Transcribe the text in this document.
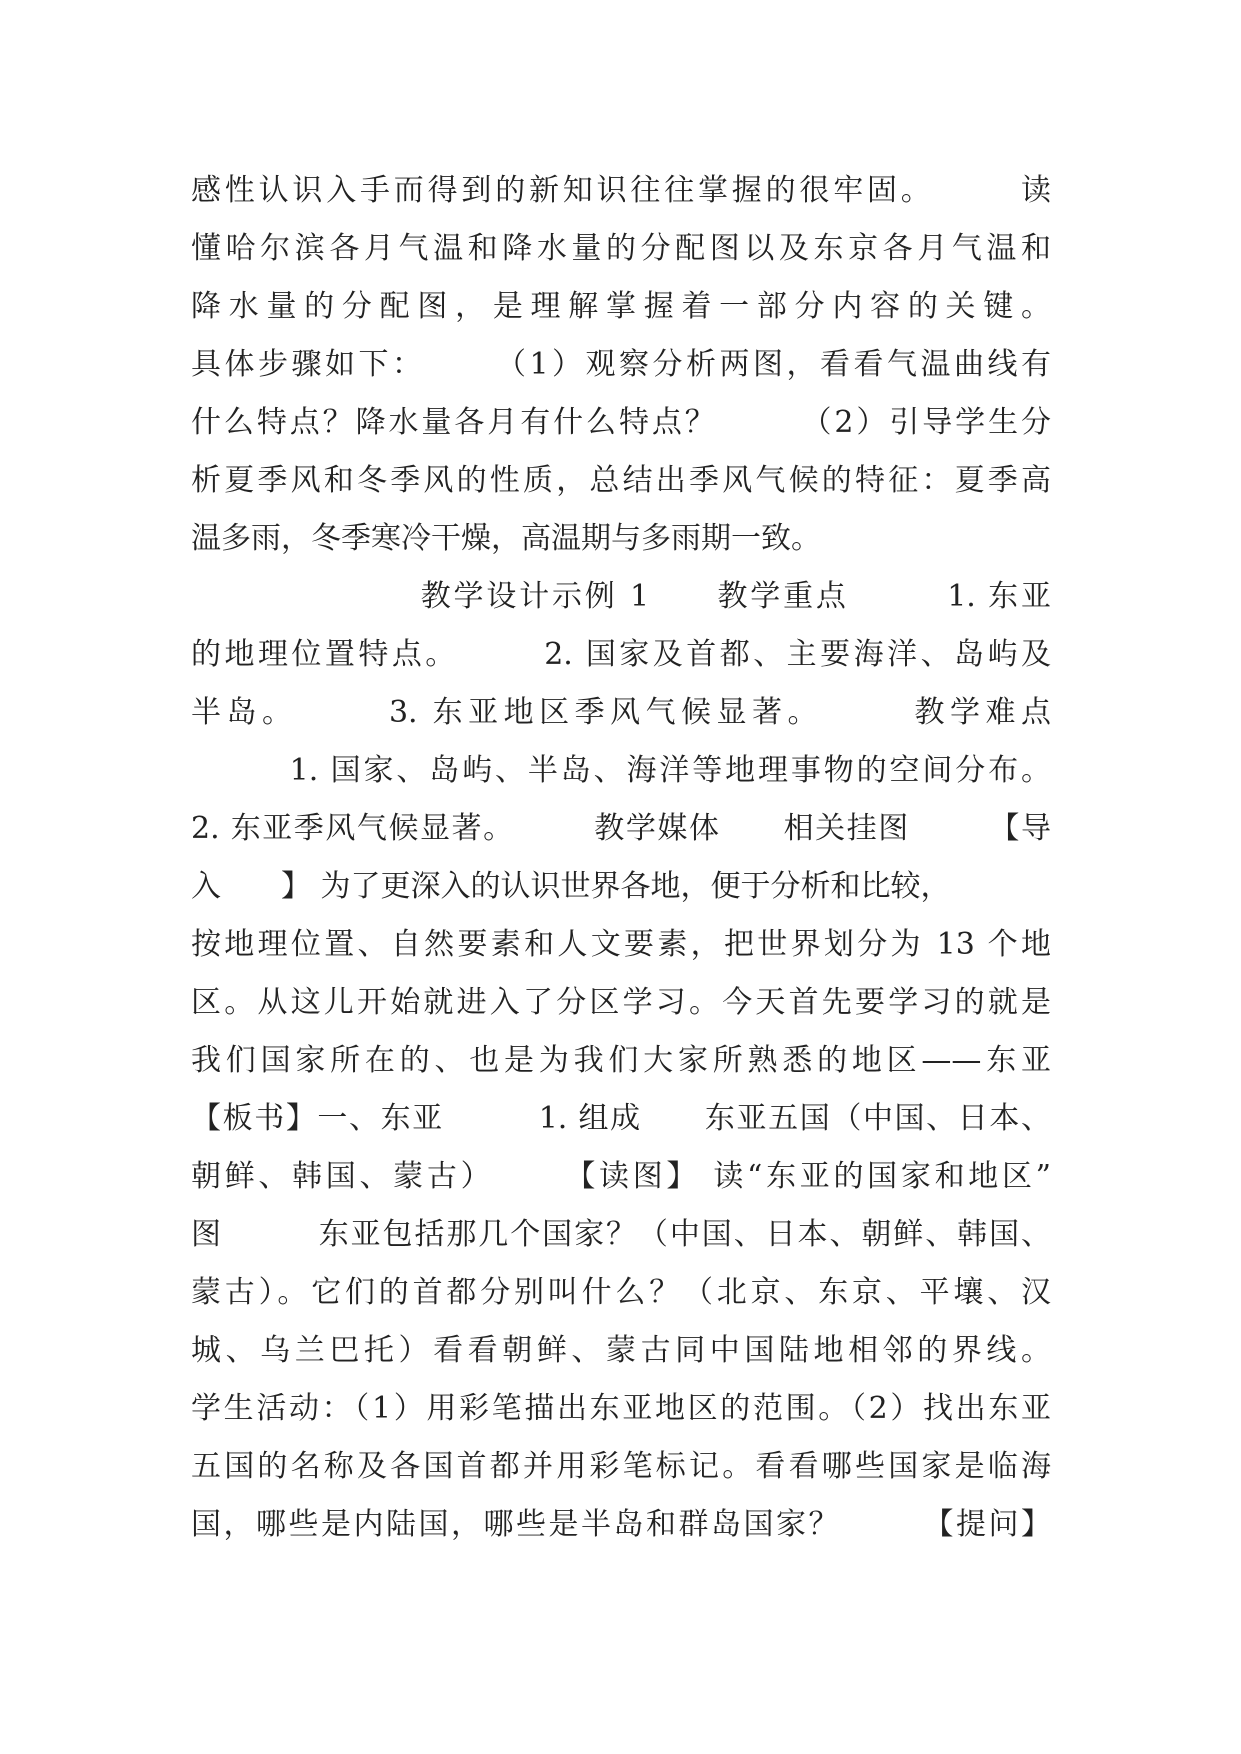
感性认识入手而得到的新知识往往掌握的很牢固。　　　读
懂哈尔滨各月气温和降水量的分配图以及东京各月气温和
降水量的分配图，是理解掌握着一部分内容的关键。
具体步骤如下：　　　（1）观察分析两图，看看气温曲线有
什么特点？降水量各月有什么特点？　　　（2）引导学生分
析夏季风和冬季风的性质，总结出季风气候的特征：夏季高
温多雨，冬季寒冷干燥，高温期与多雨期一致。
　　　　　　　教学设计示例 1　　教学重点　　　1. 东亚
的地理位置特点。　　　2. 国家及首都、主要海洋、岛屿及
半岛。　　　3. 东亚地区季风气候显著。　　　教学难点
　　　1. 国家、岛屿、半岛、海洋等地理事物的空间分布。
2. 东亚季风气候显著。　　　教学媒体　　相关挂图　　　【导
入　　】 为了更深入的认识世界各地，便于分析和比较，
按地理位置、自然要素和人文要素，把世界划分为 13 个地
区。从这儿开始就进入了分区学习。今天首先要学习的就是
我们国家所在的、也是为我们大家所熟悉的地区——东亚
【板书】一、东亚　　　1. 组成　　东亚五国（中国、日本、
朝鲜、韩国、蒙古）　　　【读图】 读“东亚的国家和地区”
图　　　东亚包括那几个国家？（中国、日本、朝鲜、韩国、
蒙古）。它们的首都分别叫什么？（北京、东京、平壤、汉
城、乌兰巴托）看看朝鲜、蒙古同中国陆地相邻的界线。
学生活动：（1）用彩笔描出东亚地区的范围。（2）找出东亚
五国的名称及各国首都并用彩笔标记。看看哪些国家是临海
国，哪些是内陆国，哪些是半岛和群岛国家？　　　【提问】
